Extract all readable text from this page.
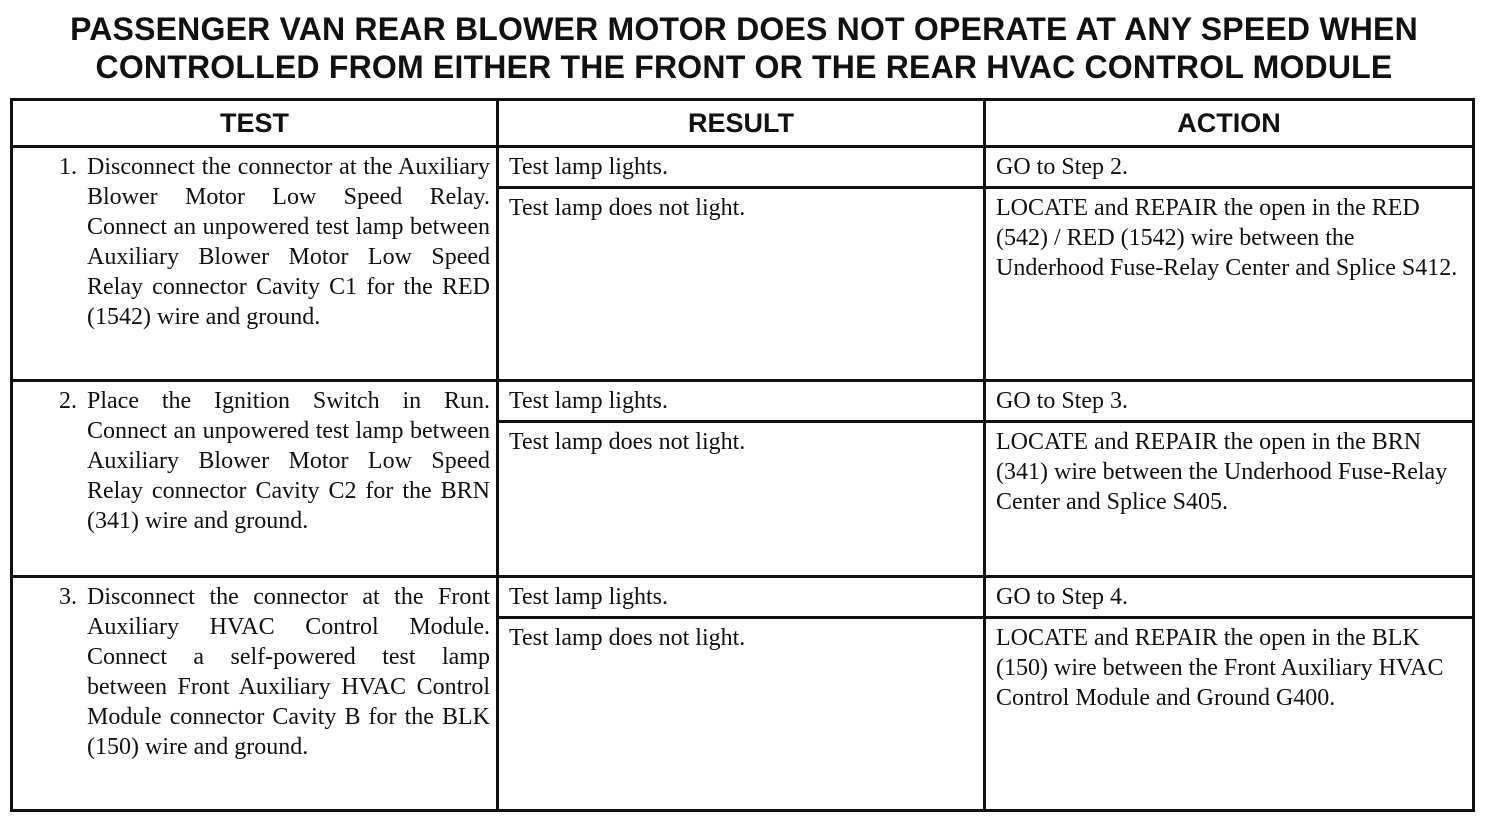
PASSENGER VAN REAR BLOWER MOTOR DOES NOT OPERATE AT ANY SPEED WHEN
CONTROLLED FROM EITHER THE FRONT OR THE REAR HVAC CONTROL MODULE
TEST	RESULT	ACTION

1. Disconnect the connector at the Auxiliary Blower Motor Low Speed Relay. Connect an unpowered test lamp between Auxiliary Blower Motor Low Speed Relay connector Cavity C1 for the RED (1542) wire and ground.	Test lamp lights.	GO to Step 2.
	Test lamp does not light.	LOCATE and REPAIR the open in the RED (542) / RED (1542) wire between the Underhood Fuse-Relay Center and Splice S412.

2. Place the Ignition Switch in Run. Connect an unpowered test lamp between Auxiliary Blower Motor Low Speed Relay connector Cavity C2 for the BRN (341) wire and ground.	Test lamp lights.	GO to Step 3.
	Test lamp does not light.	LOCATE and REPAIR the open in the BRN (341) wire between the Underhood Fuse-Relay Center and Splice S405.

3. Disconnect the connector at the Front Auxiliary HVAC Control Module. Connect a self-powered test lamp between Front Auxiliary HVAC Control Module connector Cavity B for the BLK (150) wire and ground.	Test lamp lights.	GO to Step 4.
	Test lamp does not light.	LOCATE and REPAIR the open in the BLK (150) wire between the Front Auxiliary HVAC Control Module and Ground G400.
